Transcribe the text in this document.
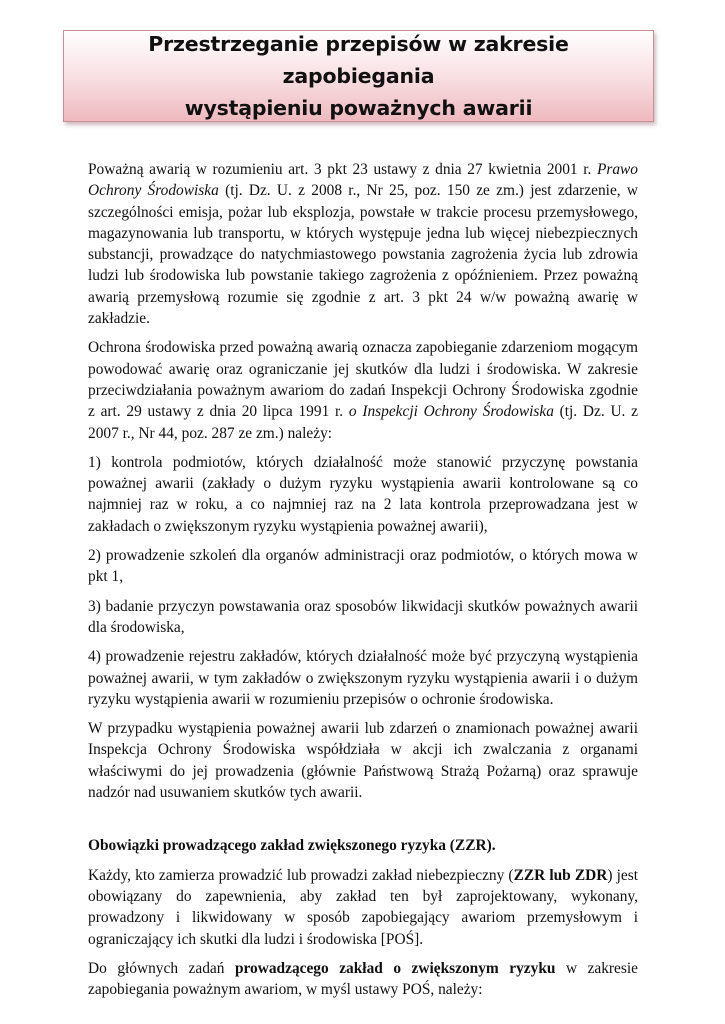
Przestrzeganie przepisów w zakresie zapobiegania
wystąpieniu poważnych awarii

Poważną awarią w rozumieniu art. 3 pkt 23 ustawy z dnia 27 kwietnia 2001 r. Prawo Ochrony Środowiska (tj. Dz. U. z 2008 r., Nr 25, poz. 150 ze zm.) jest zdarzenie, w szczególności emisja, pożar lub eksplozja, powstałe w trakcie procesu przemysłowego, magazynowania lub transportu, w których występuje jedna lub więcej niebezpiecznych substancji, prowadzące do natychmiastowego powstania zagrożenia życia lub zdrowia ludzi lub środowiska lub powstanie takiego zagrożenia z opóźnieniem. Przez poważną awarią przemysłową rozumie się zgodnie z art. 3 pkt 24 w/w poważną awarię w zakładzie.

Ochrona środowiska przed poważną awarią oznacza zapobieganie zdarzeniom mogącym powodować awarię oraz ograniczanie jej skutków dla ludzi i środowiska. W zakresie przeciwdziałania poważnym awariom do zadań Inspekcji Ochrony Środowiska zgodnie z art. 29 ustawy z dnia 20 lipca 1991 r. o Inspekcji Ochrony Środowiska (tj. Dz. U. z 2007 r., Nr 44, poz. 287 ze zm.) należy:

1) kontrola podmiotów, których działalność może stanowić przyczynę powstania poważnej awarii (zakłady o dużym ryzyku wystąpienia awarii kontrolowane są co najmniej raz w roku, a co najmniej raz na 2 lata kontrola przeprowadzana jest w zakładach o zwiększonym ryzyku wystąpienia poważnej awarii),

2) prowadzenie szkoleń dla organów administracji oraz podmiotów, o których mowa w pkt 1,

3) badanie przyczyn powstawania oraz sposobów likwidacji skutków poważnych awarii dla środowiska,

4) prowadzenie rejestru zakładów, których działalność może być przyczyną wystąpienia poważnej awarii, w tym zakładów o zwiększonym ryzyku wystąpienia awarii i o dużym ryzyku wystąpienia awarii w rozumieniu przepisów o ochronie środowiska.

W przypadku wystąpienia poważnej awarii lub zdarzeń o znamionach poważnej awarii Inspekcja Ochrony Środowiska współdziała w akcji ich zwalczania z organami właściwymi do jej prowadzenia (głównie Państwową Strażą Pożarną) oraz sprawuje nadzór nad usuwaniem skutków tych awarii.

Obowiązki prowadzącego zakład zwiększonego ryzyka (ZZR).

Każdy, kto zamierza prowadzić lub prowadzi zakład niebezpieczny (ZZR lub ZDR) jest obowiązany do zapewnienia, aby zakład ten był zaprojektowany, wykonany, prowadzony i likwidowany w sposób zapobiegający awariom przemysłowym i ograniczający ich skutki dla ludzi i środowiska [POŚ].

Do głównych zadań prowadzącego zakład o zwiększonym ryzyku w zakresie zapobiegania poważnym awariom, w myśl ustawy POŚ, należy:
